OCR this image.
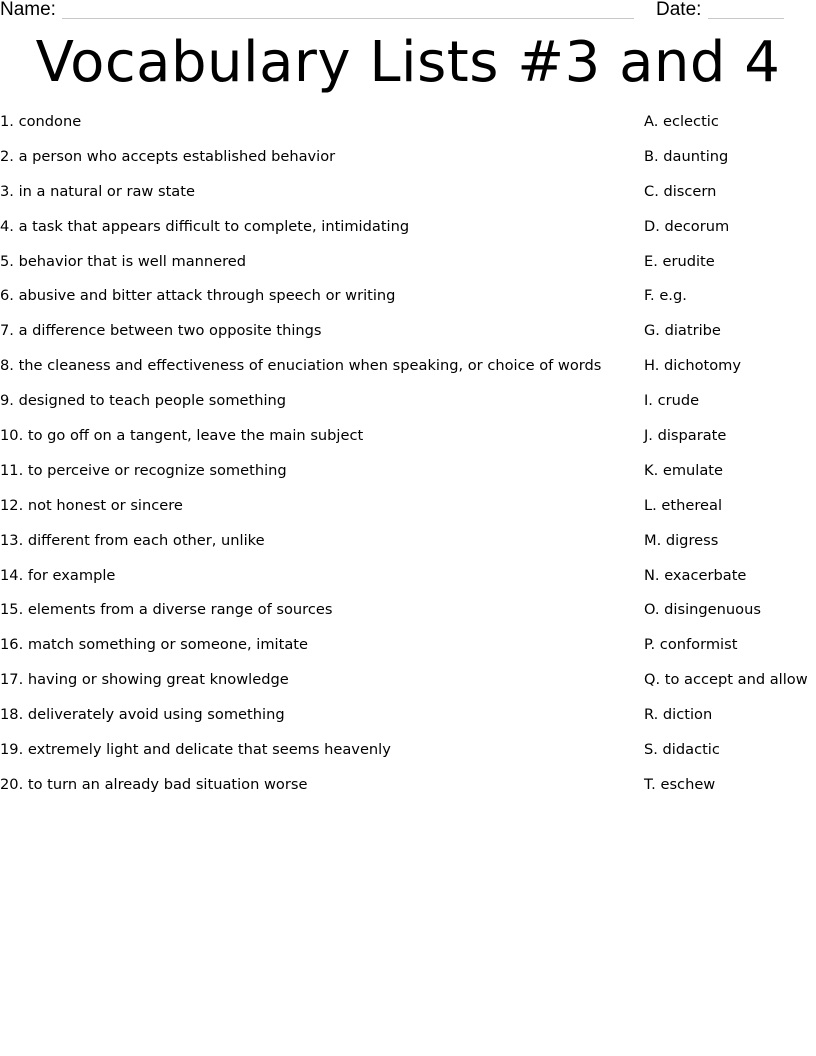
Name:	Date:
Vocabulary Lists #3 and 4
1. condone
2. a person who accepts established behavior
3. in a natural or raw state
4. a task that appears difficult to complete, intimidating
5. behavior that is well mannered
6. abusive and bitter attack through speech or writing
7. a difference between two opposite things
8. the cleaness and effectiveness of enuciation when speaking, or choice of words
9. designed to teach people something
10. to go off on a tangent, leave the main subject
11. to perceive or recognize something
12. not honest or sincere
13. different from each other, unlike
14. for example
15. elements from a diverse range of sources
16. match something or someone, imitate
17. having or showing great knowledge
18. deliverately avoid using something
19. extremely light and delicate that seems heavenly
20. to turn an already bad situation worse
A. eclectic
B. daunting
C. discern
D. decorum
E. erudite
F. e.g.
G. diatribe
H. dichotomy
I. crude
J. disparate
K. emulate
L. ethereal
M. digress
N. exacerbate
O. disingenuous
P. conformist
Q. to accept and allow
R. diction
S. didactic
T. eschew
